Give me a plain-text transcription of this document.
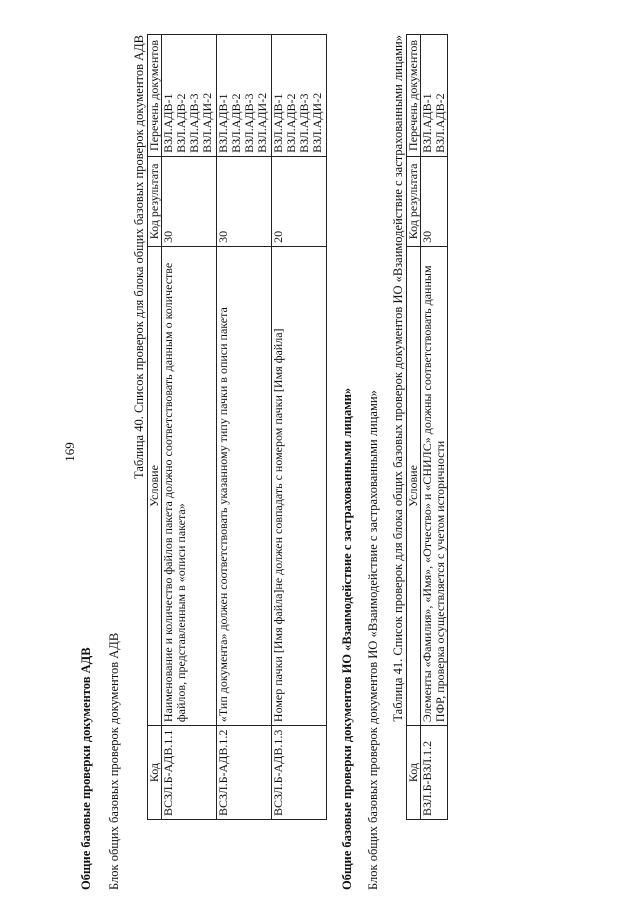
169
Общие базовые проверки документов АДВ Блок общих базовых проверок документов АДВ
Таблица 40. Список проверок для блока общих базовых проверок документов АДВ
Код	Условие	Код результата	Перечень документов
ВСЗЛ.Б-АДВ.1.1	Наименование и количество файлов пакета должно соответствовать данным о количестве файлов, представленным в «описи пакета»	30	ВЗЛ.АДВ-1 ВЗЛ.АДВ-2 ВЗЛ.АДВ-3 ВЗЛ.АДИ-2

ВСЗЛ.Б-АДВ.1.2	«Тип документа» должен соответствовать указанному типу пачки в описи пакета	30	ВЗЛ.АДВ-1 ВЗЛ.АДВ-2 ВЗЛ.АДВ-3 ВЗЛ.АДИ-2

ВСЗЛ.Б-АДВ.1.3	Номер пачки [Имя файла]не должен совпадать с номером пачки [Имя файла]	20	ВЗЛ.АДВ-1 ВЗЛ.АДВ-2 ВЗЛ.АДВ-3 ВЗЛ.АДИ-2
Общие базовые проверки документов ИО «Взаимодействие с застрахованными лицами» Блок общих базовых проверок документов ИО «Взаимодействие с застрахованными лицами» Таблица 41. Список проверок для блока общих базовых проверок документов ИО «Взаимодействие с застрахованными лицами»
Код	Условие	Код результата	Перечень документов
ВЗЛ.Б-ВЗЛ.1.2	Элементы «Фамилия», «Имя», «Отчество» и «СНИЛС» должны соответствовать данным ПФР, проверка осуществляется с учетом историчности	30	ВЗЛ.АДВ-1 ВЗЛ.АДВ-2
